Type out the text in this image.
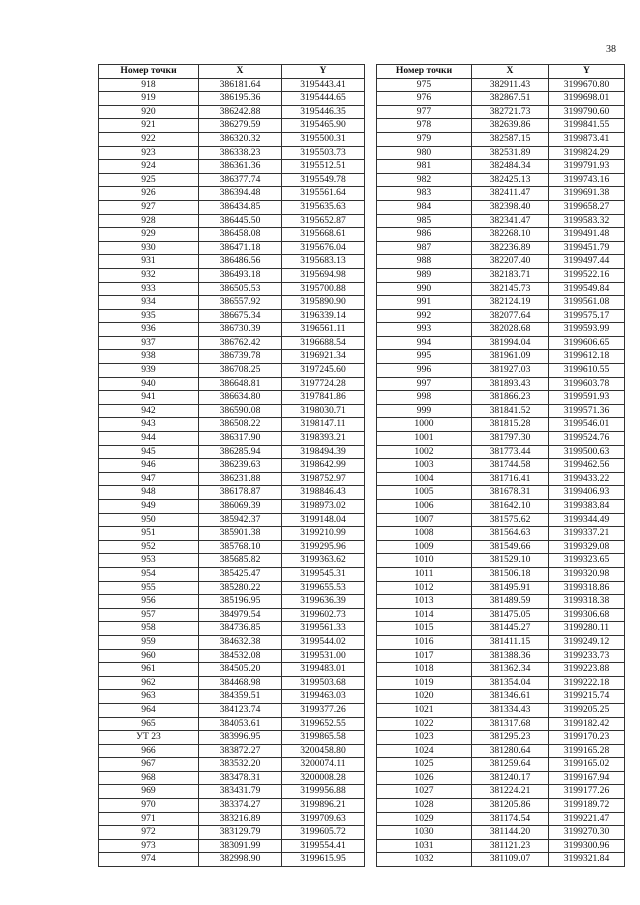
38
Номер точки	X	Y
918	386181.64	3195443.41
919	386195.36	3195444.65
920	386242.88	3195446.35
921	386279.59	3195465.90
922	386320.32	3195500.31
923	386338.23	3195503.73
924	386361.36	3195512.51
925	386377.74	3195549.78
926	386394.48	3195561.64
927	386434.85	3195635.63
928	386445.50	3195652.87
929	386458.08	3195668.61
930	386471.18	3195676.04
931	386486.56	3195683.13
932	386493.18	3195694.98
933	386505.53	3195700.88
934	386557.92	3195890.90
935	386675.34	3196339.14
936	386730.39	3196561.11
937	386762.42	3196688.54
938	386739.78	3196921.34
939	386708.25	3197245.60
940	386648.81	3197724.28
941	386634.80	3197841.86
942	386590.08	3198030.71
943	386508.22	3198147.11
944	386317.90	3198393.21
945	386285.94	3198494.39
946	386239.63	3198642.99
947	386231.88	3198752.97
948	386178.87	3198846.43
949	386069.39	3198973.02
950	385942.37	3199148.04
951	385901.38	3199210.99
952	385768.10	3199295.96
953	385685.82	3199363.62
954	385425.47	3199545.31
955	385280.22	3199655.53
956	385196.95	3199636.39
957	384979.54	3199602.73
958	384736.85	3199561.33
959	384632.38	3199544.02
960	384532.08	3199531.00
961	384505.20	3199483.01
962	384468.98	3199503.68
963	384359.51	3199463.03
964	384123.74	3199377.26
965	384053.61	3199652.55
УТ 23	383996.95	3199865.58
966	383872.27	3200458.80
967	383532.20	3200074.11
968	383478.31	3200008.28
969	383431.79	3199956.88
970	383374.27	3199896.21
971	383216.89	3199709.63
972	383129.79	3199605.72
973	383091.99	3199554.41
974	382998.90	3199615.95
Номер точки	X	Y
975	382911.43	3199670.80
976	382867.51	3199698.01
977	382721.73	3199790.60
978	382639.86	3199841.55
979	382587.15	3199873.41
980	382531.89	3199824.29
981	382484.34	3199791.93
982	382425.13	3199743.16
983	382411.47	3199691.38
984	382398.40	3199658.27
985	382341.47	3199583.32
986	382268.10	3199491.48
987	382236.89	3199451.79
988	382207.40	3199497.44
989	382183.71	3199522.16
990	382145.73	3199549.84
991	382124.19	3199561.08
992	382077.64	3199575.17
993	382028.68	3199593.99
994	381994.04	3199606.65
995	381961.09	3199612.18
996	381927.03	3199610.55
997	381893.43	3199603.78
998	381866.23	3199591.93
999	381841.52	3199571.36
1000	381815.28	3199546.01
1001	381797.30	3199524.76
1002	381773.44	3199500.63
1003	381744.58	3199462.56
1004	381716.41	3199433.22
1005	381678.31	3199406.93
1006	381642.10	3199383.84
1007	381575.62	3199344.49
1008	381564.63	3199337.21
1009	381549.66	3199329.08
1010	381529.10	3199323.65
1011	381506.18	3199320.98
1012	381495.91	3199318.86
1013	381489.59	3199318.38
1014	381475.05	3199306.68
1015	381445.27	3199280.11
1016	381411.15	3199249.12
1017	381388.36	3199233.73
1018	381362.34	3199223.88
1019	381354.04	3199222.18
1020	381346.61	3199215.74
1021	381334.43	3199205.25
1022	381317.68	3199182.42
1023	381295.23	3199170.23
1024	381280.64	3199165.28
1025	381259.64	3199165.02
1026	381240.17	3199167.94
1027	381224.21	3199177.26
1028	381205.86	3199189.72
1029	381174.54	3199221.47
1030	381144.20	3199270.30
1031	381121.23	3199300.96
1032	381109.07	3199321.84
